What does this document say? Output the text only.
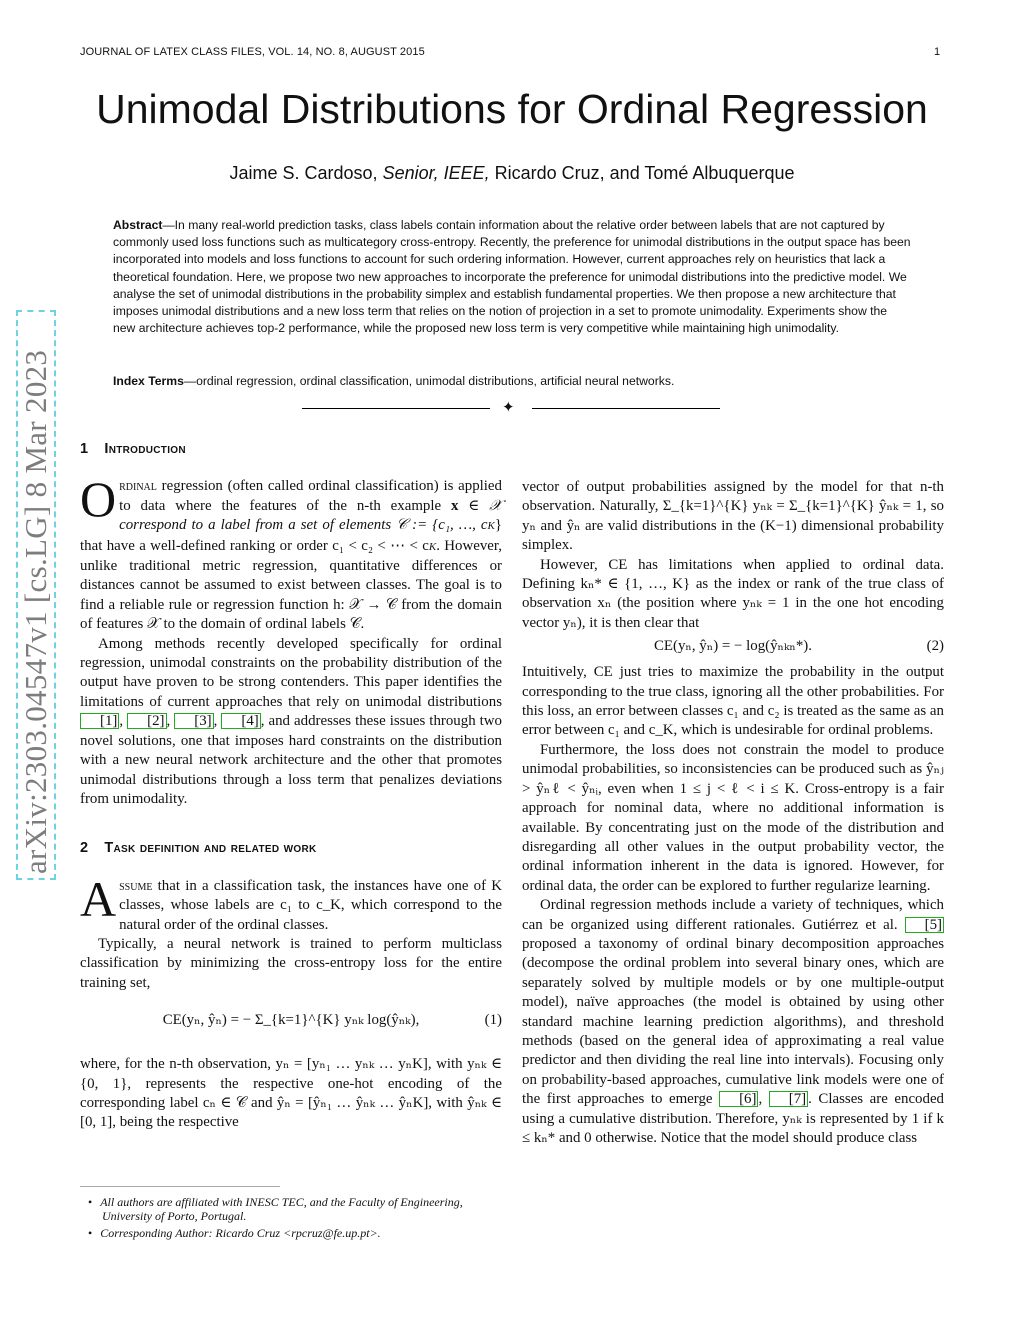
JOURNAL OF LATEX CLASS FILES, VOL. 14, NO. 8, AUGUST 2015	1
Unimodal Distributions for Ordinal Regression
Jaime S. Cardoso, Senior, IEEE, Ricardo Cruz, and Tomé Albuquerque

Abstract—In many real-world prediction tasks, class labels contain information about the relative order between labels that are not captured by commonly used loss functions such as multicategory cross-entropy. Recently, the preference for unimodal distributions in the output space has been incorporated into models and loss functions to account for such ordering information. However, current approaches rely on heuristics that lack a theoretical foundation. Here, we propose two new approaches to incorporate the preference for unimodal distributions into the predictive model. We analyse the set of unimodal distributions in the probability simplex and establish fundamental properties. We then propose a new architecture that imposes unimodal distributions and a new loss term that relies on the notion of projection in a set to promote unimodality. Experiments show the new architecture achieves top-2 performance, while the proposed new loss term is very competitive while maintaining high unimodality.

Index Terms—ordinal regression, ordinal classification, unimodal distributions, artificial neural networks.

✦
arXiv:2303.04547v1 [cs.LG] 8 Mar 2023 1 Introduction

Ordinal regression (often called ordinal classification) is applied to data where the features of the n-th example x ∈ 𝒳 correspond to a label from a set of elements 𝒞 := {c₁, …, cK} that have a well-defined ranking or order c₁ < c₂ < ⋯ < cK. However, unlike traditional metric regression, quantitative differences or distances cannot be assumed to exist between classes. The goal is to find a reliable rule or regression function h: 𝒳 → 𝒞 from the domain of features 𝒳 to the domain of ordinal labels 𝒞.

Among methods recently developed specifically for ordinal regression, unimodal constraints on the probability distribution of the output have proven to be strong contenders. This paper identifies the limitations of current approaches that rely on unimodal distributions [1] , [2] , [3] , [4] , and addresses these issues through two novel solutions, one that imposes hard constraints on the distribution with a new neural network architecture and the other that promotes unimodal distributions through a loss term that penalizes deviations from unimodality.

2 Task definition and related work

Assume that in a classification task, the instances have one of K classes, whose labels are c₁ to c_K, which correspond to the natural order of the ordinal classes.

Typically, a neural network is trained to perform multiclass classification by minimizing the cross-entropy loss for the entire training set,

CE(yₙ, ŷₙ) = − Σ_{k=1}^{K} yₙₖ log(ŷₙₖ),	(1)

where, for the n-th observation, yₙ = [yₙ₁ … yₙₖ … yₙK], with yₙₖ ∈ {0, 1}, represents the respective one-hot encoding of the corresponding label cₙ ∈ 𝒞 and ŷₙ = [ŷₙ₁ … ŷₙₖ … ŷₙK], with ŷₙₖ ∈ [0, 1], being the respective

• All authors are affiliated with INESC TEC, and the Faculty of Engineering, University of Porto, Portugal.
• Corresponding Author: Ricardo Cruz <rpcruz@fe.up.pt>.

vector of output probabilities assigned by the model for that n-th observation. Naturally, Σ_{k=1}^{K} yₙₖ = Σ_{k=1}^{K} ŷₙₖ = 1, so yₙ and ŷₙ are valid distributions in the (K−1) dimensional probability simplex.

However, CE has limitations when applied to ordinal data. Defining kₙ* ∈ {1, …, K} as the index or rank of the true class of observation xₙ (the position where yₙₖ = 1 in the one hot encoding vector yₙ), it is then clear that

CE(yₙ, ŷₙ) = − log(ŷₙₖₙ*).	(2)

Intuitively, CE just tries to maximize the probability in the output corresponding to the true class, ignoring all the other probabilities. For this loss, an error between classes c₁ and c₂ is treated as the same as an error between c₁ and c_K, which is undesirable for ordinal problems.

Furthermore, the loss does not constrain the model to produce unimodal probabilities, so inconsistencies can be produced such as ŷₙⱼ > ŷₙℓ < ŷₙᵢ, even when 1 ≤ j < ℓ < i ≤ K. Cross-entropy is a fair approach for nominal data, where no additional information is available. By concentrating just on the mode of the distribution and disregarding all other values in the output probability vector, the ordinal information inherent in the data is ignored. However, for ordinal data, the order can be explored to further regularize learning.

Ordinal regression methods include a variety of techniques, which can be organized using different rationales. Gutiérrez et al. [5] proposed a taxonomy of ordinal binary decomposition approaches (decompose the ordinal problem into several binary ones, which are separately solved by multiple models or by one multiple-output model), naïve approaches (the model is obtained by using other standard machine learning prediction algorithms), and threshold methods (based on the general idea of approximating a real value predictor and then dividing the real line into intervals). Focusing only on probability-based approaches, cumulative link models were one of the first approaches to emerge [6] , [7] . Classes are encoded using a cumulative distribution. Therefore, yₙₖ is represented by 1 if k ≤ kₙ* and 0 otherwise. Notice that the model should produce class
